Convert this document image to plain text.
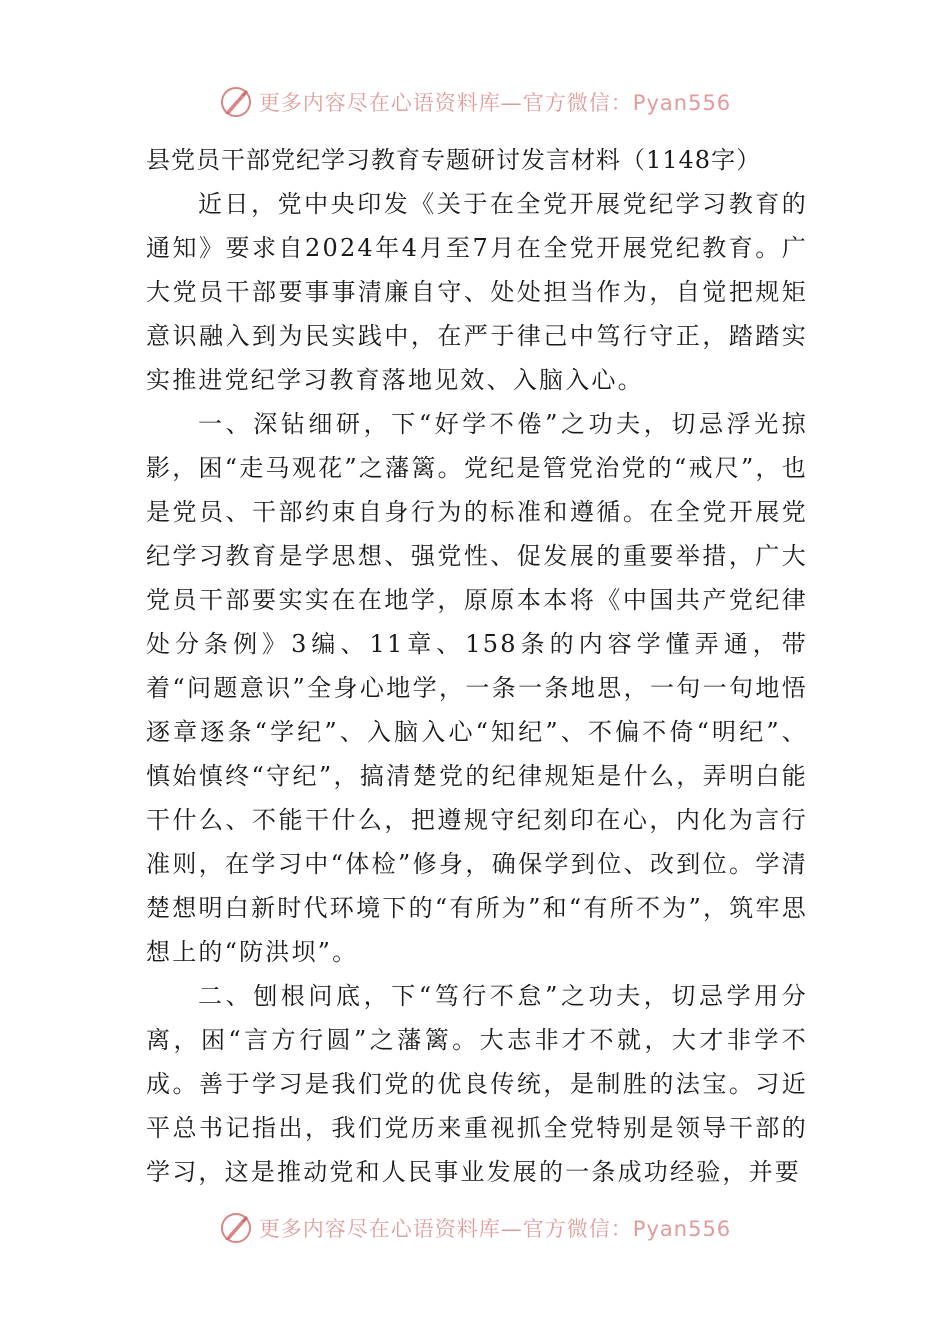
更多内容尽在心语资料库—官方微信：Pyan556

县党员干部党纪学习教育专题研讨发言材料（1148字）

近日，党中央印发《关于在全党开展党纪学习教育的通知》要求自2024年4月至7月在全党开展党纪教育。广大党员干部要事事清廉自守、处处担当作为，自觉把规矩意识融入到为民实践中，在严于律己中笃行守正，踏踏实实推进党纪学习教育落地见效、入脑入心。

一、深钻细研，下“好学不倦”之功夫，切忌浮光掠影，困“走马观花”之藩篱。党纪是管党治党的“戒尺”，也是党员、干部约束自身行为的标准和遵循。在全党开展党纪学习教育是学思想、强党性、促发展的重要举措，广大党员干部要实实在在地学，原原本本将《中国共产党纪律处分条例》3编、11章、158条的内容学懂弄通，带着“问题意识”全身心地学，一条一条地思，一句一句地悟逐章逐条“学纪”、入脑入心“知纪”、不偏不倚“明纪”、慎始慎终“守纪”，搞清楚党的纪律规矩是什么，弄明白能干什么、不能干什么，把遵规守纪刻印在心，内化为言行准则，在学习中“体检”修身，确保学到位、改到位。学清楚想明白新时代环境下的“有所为”和“有所不为”，筑牢思想上的“防洪坝”。

二、刨根问底，下“笃行不怠”之功夫，切忌学用分离，困“言方行圆”之藩篱。大志非才不就，大才非学不成。善于学习是我们党的优良传统，是制胜的法宝。习近平总书记指出，我们党历来重视抓全党特别是领导干部的学习，这是推动党和人民事业发展的一条成功经验，并要

更多内容尽在心语资料库—官方微信：Pyan556
